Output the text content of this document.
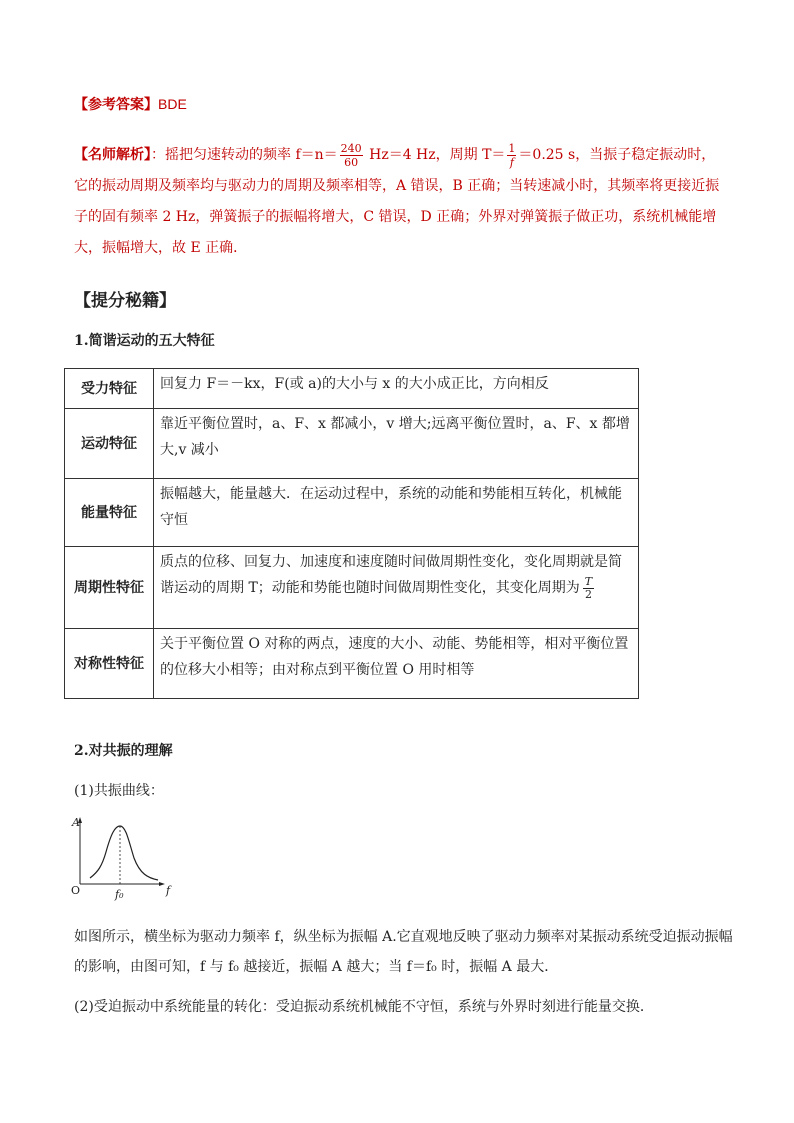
【参考答案】BDE
【名师解析】：摇把匀速转动的频率 $f=n= \frac{240}{60} Hz=4$ Hz，周期 $T= \frac{1}{f} =0.25$ s，当振子稳定振动时，它的振动周期及频率均与驱动力的周期及频率相等，A 错误，B 正确；当转速减小时，其频率将更接近振子的固有频率 2 Hz，弹簧振子的振幅将增大，C 错误，D 正确；外界对弹簧振子做正功，系统机械能增大，振幅增大，故 E 正确．
【提分秘籍】
1.简谐运动的五大特征
受力特征	回复力 F＝－kx，F(或 a)的大小与 x 的大小成正比，方向相反
运动特征	靠近平衡位置时，a、F、x 都减小，v 增大;远离平衡位置时，a、F、x 都增大,v 减小
能量特征	振幅越大，能量越大．在运动过程中，系统的动能和势能相互转化，机械能守恒
周期性特征	质点的位移、回复力、加速度和速度随时间做周期性变化，变化周期就是简谐运动的周期 T；动能和势能也随时间做周期性变化，其变化周期为 $\frac{T}{2}$

对称性特征	关于平衡位置 O 对称的两点，速度的大小、动能、势能相等，相对平衡位置的位移大小相等；由对称点到平衡位置 O 用时相等
2.对共振的理解
(1)共振曲线：
A
O	f₀	f
如图所示，横坐标为驱动力频率 f，纵坐标为振幅 A.它直观地反映了驱动力频率对某振动系统受迫振动振幅的影响，由图可知，f 与 f₀ 越接近，振幅 A 越大；当 f＝f₀ 时，振幅 A 最大．
(2)受迫振动中系统能量的转化：受迫振动系统机械能不守恒，系统与外界时刻进行能量交换．
